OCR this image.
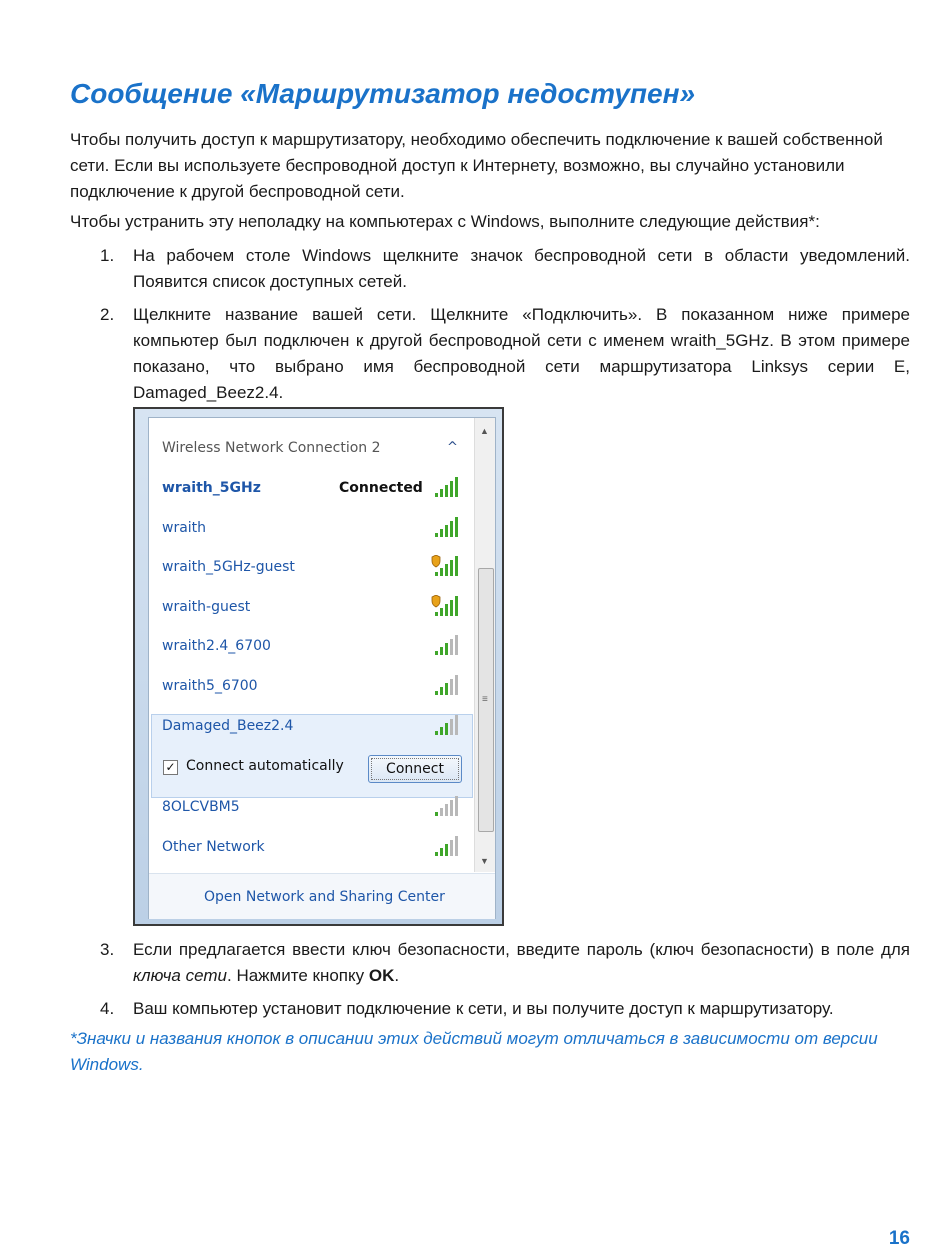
Сообщение «Маршрутизатор недоступен»

Чтобы получить доступ к маршрутизатору, необходимо обеспечить подключение к вашей собственной сети. Если вы используете беспроводной доступ к Интернету, возможно, вы случайно установили подключение к другой беспроводной сети.

Чтобы устранить эту неполадку на компьютерах с Windows, выполните следующие действия*:

1. На рабочем столе Windows щелкните значок беспроводной сети в области уведомлений. Появится список доступных сетей.
2. Щелкните название вашей сети. Щелкните «Подключить». В показанном ниже примере компьютер был подключен к другой беспроводной сети с именем wraith_5GHz. В этом примере показано, что выбрано имя беспроводной сети маршрутизатора Linksys серии E, Damaged_Beez2.4.
Wireless Network Connection 2	^
✓ Connect automatically	Connect
wraith_5GHz	Connected
wraith
wraith_5GHz-guest
wraith-guest
wraith2.4_6700
wraith5_6700
Damaged_Beez2.4
8OLCVBM5
Other Network
▲
≡
▼
Open Network and Sharing Center
3. Если предлагается ввести ключ безопасности, введите пароль (ключ безопасности) в поле для ключа сети. Нажмите кнопку OK.
4. Ваш компьютер установит подключение к сети, и вы получите доступ к маршрутизатору.

*Значки и названия кнопок в описании этих действий могут отличаться в зависимости от версии Windows.

16
